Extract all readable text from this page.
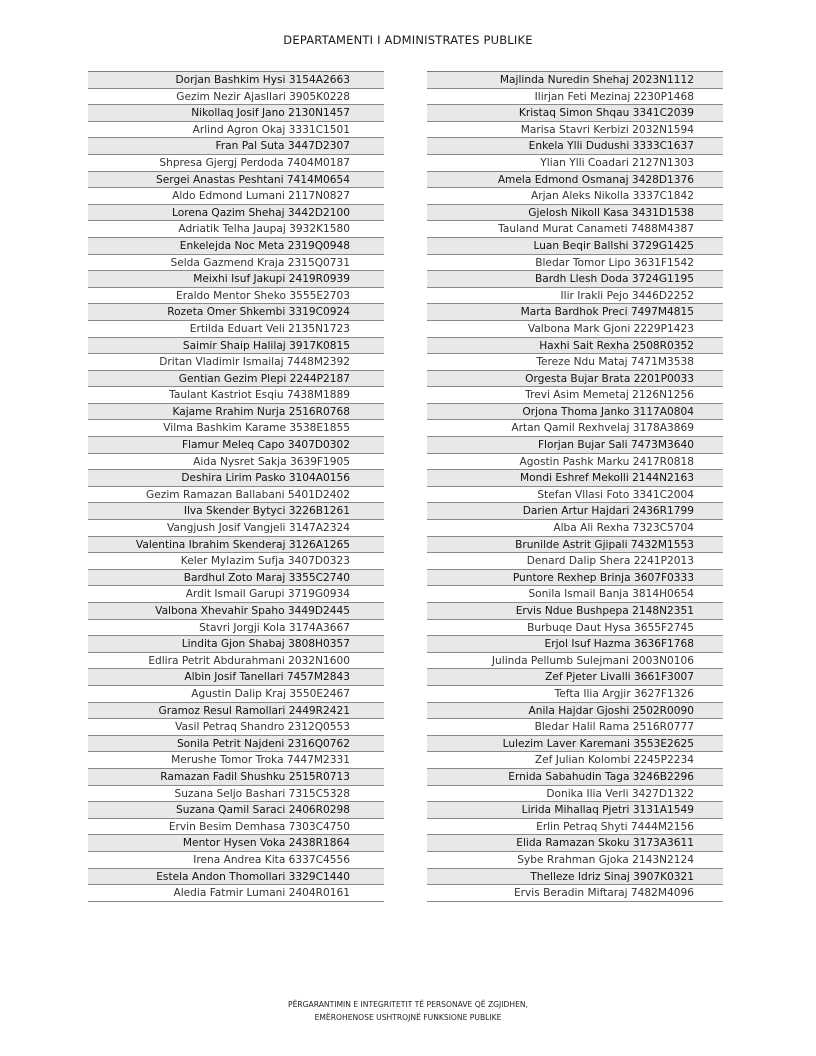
DEPARTAMENTI I ADMINISTRATES PUBLIKE
Dorjan Bashkim Hysi 3154A2663
Gezim Nezir Ajasllari 3905K0228
Nikollaq Josif Jano 2130N1457
Arlind Agron Okaj 3331C1501
Fran Pal Suta 3447D2307
Shpresa Gjergj Perdoda 7404M0187
Sergei Anastas Peshtani 7414M0654
Aldo Edmond Lumani 2117N0827
Lorena Qazim Shehaj 3442D2100
Adriatik Telha Jaupaj 3932K1580
Enkelejda Noc Meta 2319Q0948
Selda Gazmend Kraja 2315Q0731
Meixhi Isuf Jakupi 2419R0939
Eraldo Mentor Sheko 3555E2703
Rozeta Omer Shkembi 3319C0924
Ertilda Eduart Veli 2135N1723
Saimir Shaip Halilaj 3917K0815
Dritan Vladimir Ismailaj 7448M2392
Gentian Gezim Plepi 2244P2187
Taulant Kastriot Esqiu 7438M1889
Kajame Rrahim Nurja 2516R0768
Vilma Bashkim Karame 3538E1855
Flamur Meleq Capo 3407D0302
Aida Nysret Sakja 3639F1905
Deshira Lirim Pasko 3104A0156
Gezim Ramazan Ballabani 5401D2402
Ilva Skender Bytyci 3226B1261
Vangjush Josif Vangjeli 3147A2324
Valentina Ibrahim Skenderaj 3126A1265
Keler Mylazim Sufja 3407D0323
Bardhul Zoto Maraj 3355C2740
Ardit Ismail Garupi 3719G0934
Valbona Xhevahir Spaho 3449D2445
Stavri Jorgji Kola 3174A3667
Lindita Gjon Shabaj 3808H0357
Edlira Petrit Abdurahmani 2032N1600
Albin Josif Tanellari 7457M2843
Agustin Dalip Kraj 3550E2467
Gramoz Resul Ramollari 2449R2421
Vasil Petraq Shandro 2312Q0553
Sonila Petrit Najdeni 2316Q0762
Merushe Tomor Troka 7447M2331
Ramazan Fadil Shushku 2515R0713
Suzana Seljo Bashari 7315C5328
Suzana Qamil Saraci 2406R0298
Ervin Besim Demhasa 7303C4750
Mentor Hysen Voka 2438R1864
Irena Andrea Kita 6337C4556
Estela Andon Thomollari 3329C1440
Aledia Fatmir Lumani 2404R0161
Majlinda Nuredin Shehaj 2023N1112
Ilirjan Feti Mezinaj 2230P1468
Kristaq Simon Shqau 3341C2039
Marisa Stavri Kerbizi 2032N1594
Enkela Ylli Dudushi 3333C1637
Ylian Ylli Coadari 2127N1303
Amela Edmond Osmanaj 3428D1376
Arjan Aleks Nikolla 3337C1842
Gjelosh Nikoll Kasa 3431D1538
Tauland Murat Canameti 7488M4387
Luan Beqir Ballshi 3729G1425
Bledar Tomor Lipo 3631F1542
Bardh Llesh Doda 3724G1195
Ilir Irakli Pejo 3446D2252
Marta Bardhok Preci 7497M4815
Valbona Mark Gjoni 2229P1423
Haxhi Sait Rexha 2508R0352
Tereze Ndu Mataj 7471M3538
Orgesta Bujar Brata 2201P0033
Trevi Asim Memetaj 2126N1256
Orjona Thoma Janko 3117A0804
Artan Qamil Rexhvelaj 3178A3869
Florjan Bujar Sali 7473M3640
Agostin Pashk Marku 2417R0818
Mondi Eshref Mekolli 2144N2163
Stefan Vllasi Foto 3341C2004
Darien Artur Hajdari 2436R1799
Alba Ali Rexha 7323C5704
Brunilde Astrit Gjipali 7432M1553
Denard Dalip Shera 2241P2013
Puntore Rexhep Brinja 3607F0333
Sonila Ismail Banja 3814H0654
Ervis Ndue Bushpepa 2148N2351
Burbuqe Daut Hysa 3655F2745
Erjol Isuf Hazma 3636F1768
Julinda Pellumb Sulejmani 2003N0106
Zef Pjeter Livalli 3661F3007
Tefta Ilia Argjir 3627F1326
Anila Hajdar Gjoshi 2502R0090
Bledar Halil Rama 2516R0777
Lulezim Laver Karemani 3553E2625
Zef Julian Kolombi 2245P2234
Ernida Sabahudin Taga 3246B2296
Donika Ilia Verli 3427D1322
Lirida Mihallaq Pjetri 3131A1549
Erlin Petraq Shyti 7444M2156
Elida Ramazan Skoku 3173A3611
Sybe Rrahman Gjoka 2143N2124
Thelleze Idriz Sinaj 3907K0321
Ervis Beradin Miftaraj 7482M4096
PËRGARANTIMIN E INTEGRITETIT TË PERSONAVE QË ZGJIDHEN,
EMËROHENOSE USHTROJNË FUNKSIONE PUBLIKE
